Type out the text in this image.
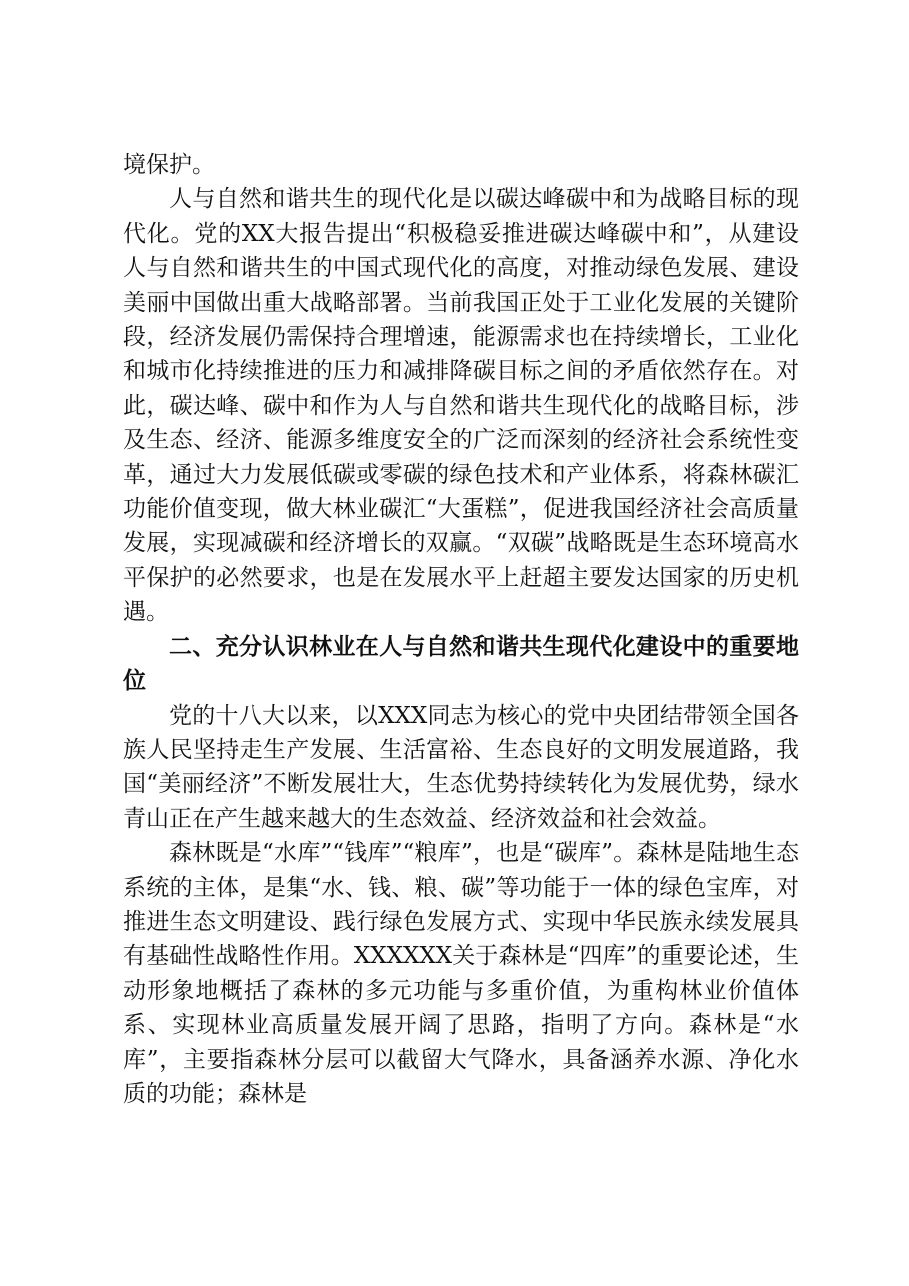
境保护。

人与自然和谐共生的现代化是以碳达峰碳中和为战略目标的现代化。党的XX大报告提出“积极稳妥推进碳达峰碳中和”，从建设人与自然和谐共生的中国式现代化的高度，对推动绿色发展、建设美丽中国做出重大战略部署。当前我国正处于工业化发展的关键阶段，经济发展仍需保持合理增速，能源需求也在持续增长，工业化和城市化持续推进的压力和减排降碳目标之间的矛盾依然存在。对此，碳达峰、碳中和作为人与自然和谐共生现代化的战略目标，涉及生态、经济、能源多维度安全的广泛而深刻的经济社会系统性变革，通过大力发展低碳或零碳的绿色技术和产业体系，将森林碳汇功能价值变现，做大林业碳汇“大蛋糕”，促进我国经济社会高质量发展，实现减碳和经济增长的双赢。“双碳”战略既是生态环境高水平保护的必然要求，也是在发展水平上赶超主要发达国家的历史机遇。

二、充分认识林业在人与自然和谐共生现代化建设中的重要地位

党的十八大以来，以XXX同志为核心的党中央团结带领全国各族人民坚持走生产发展、生活富裕、生态良好的文明发展道路，我国“美丽经济”不断发展壮大，生态优势持续转化为发展优势，绿水青山正在产生越来越大的生态效益、经济效益和社会效益。

森林既是“水库”“钱库”“粮库”，也是“碳库”。森林是陆地生态系统的主体，是集“水、钱、粮、碳”等功能于一体的绿色宝库，对推进生态文明建设、践行绿色发展方式、实现中华民族永续发展具有基础性战略性作用。XXXXXX关于森林是“四库”的重要论述，生动形象地概括了森林的多元功能与多重价值，为重构林业价值体系、实现林业高质量发展开阔了思路，指明了方向。森林是“水库”，主要指森林分层可以截留大气降水，具备涵养水源、净化水质的功能；森林是
